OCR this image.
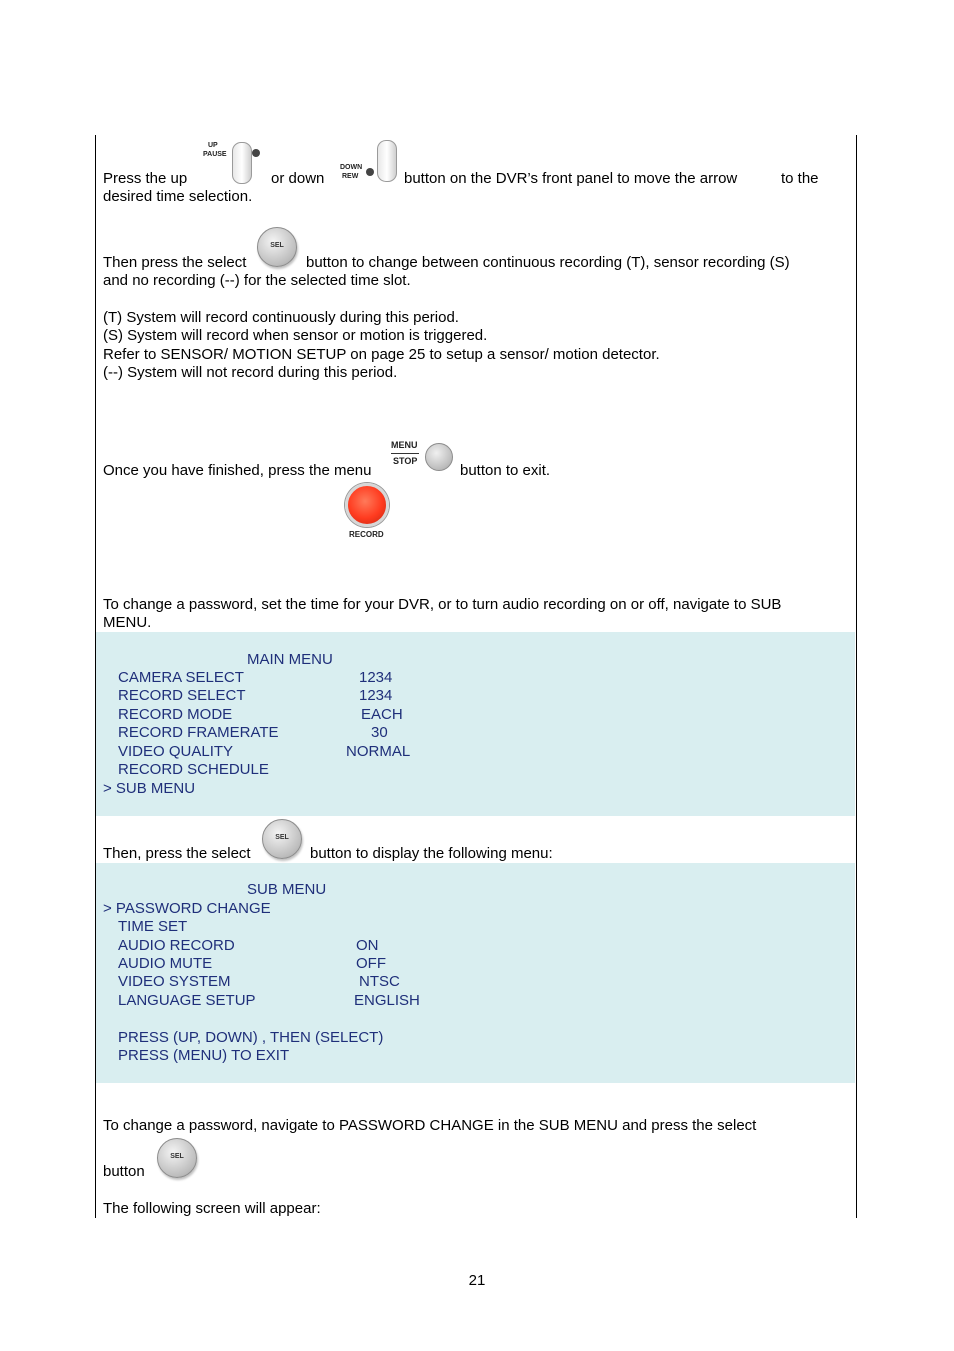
UP
PAUSE
DOWN
REW
Press the up	or down	button on the DVR’s front panel to move the arrow	to the
desired time selection.
SEL
Then press the select	button to change between continuous recording (T), sensor recording (S)
and no recording (--) for the selected time slot.
(T) System will record continuously during this period.
(S) System will record when sensor or motion is triggered.
Refer to SENSOR/ MOTION SETUP on page 25 to setup a sensor/ motion detector.
(--) System will not record during this period.
MENU
STOP
Once you have finished, press the menu	button to exit.
RECORD
To change a password, set the time for your DVR, or to turn audio recording on or off, navigate to SUB
MENU.
MAIN MENU
CAMERA SELECT	1234
RECORD SELECT	1234
RECORD MODE	EACH
RECORD FRAMERATE	30
VIDEO QUALITY	NORMAL
RECORD SCHEDULE
> SUB MENU
SEL
Then, press the select	button to display the following menu:
SUB MENU
> PASSWORD CHANGE
TIME SET
AUDIO RECORD	ON
AUDIO MUTE	OFF
VIDEO SYSTEM	NTSC
LANGUAGE SETUP	ENGLISH
PRESS (UP, DOWN) , THEN (SELECT)
PRESS (MENU) TO EXIT
To change a password, navigate to PASSWORD CHANGE in the SUB MENU and press the select
button
SEL
The following screen will appear:
21
